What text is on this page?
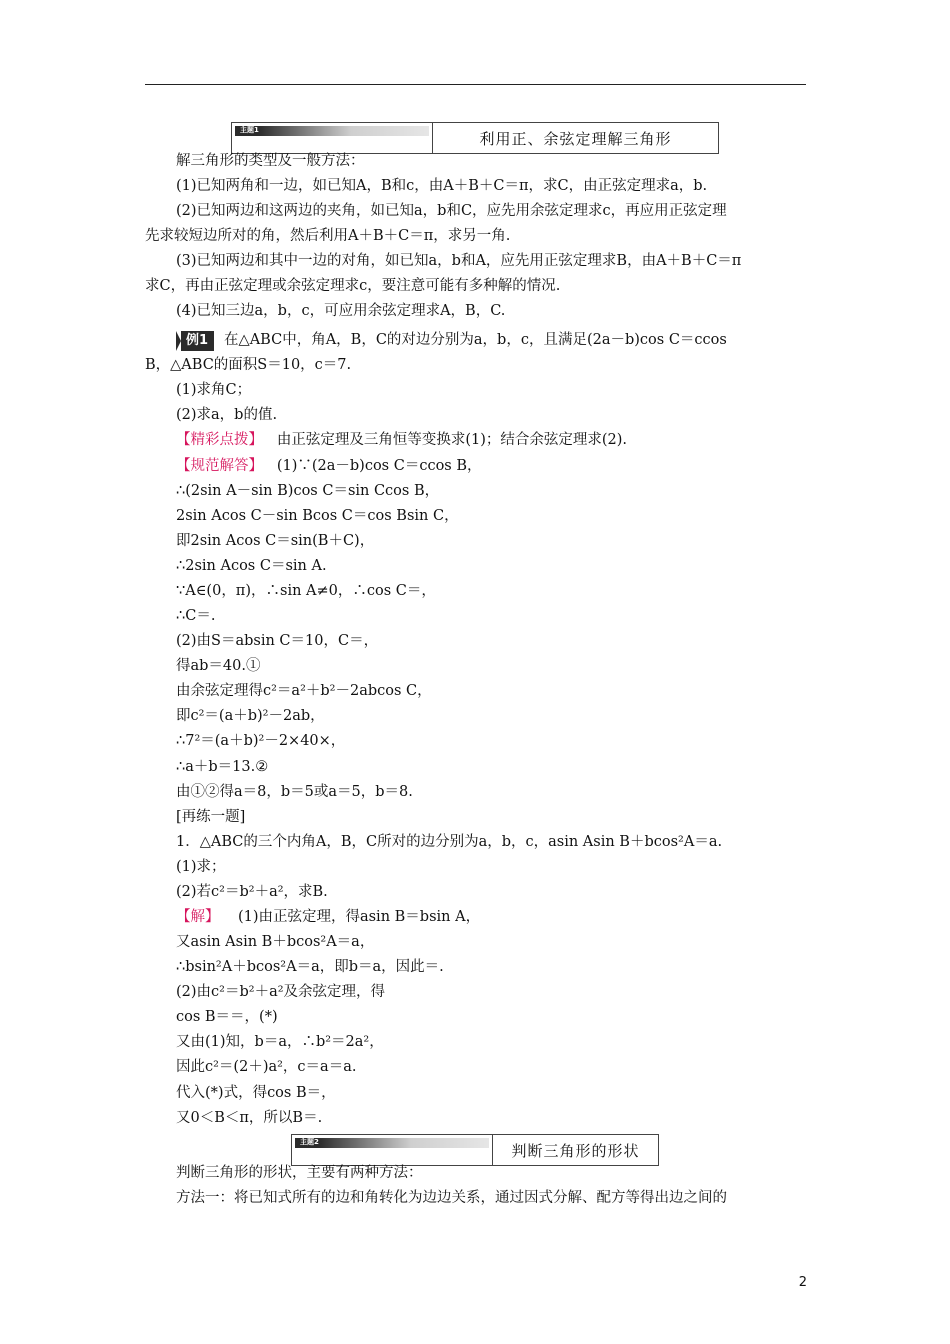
主题1	利用正、余弦定理解三角形
解三角形的类型及一般方法：
(1)已知两角和一边，如已知A，B和c，由A＋B＋C＝π，求C，由正弦定理求a，b.
(2)已知两边和这两边的夹角，如已知a，b和C，应先用余弦定理求c，再应用正弦定理
先求较短边所对的角，然后利用A＋B＋C＝π，求另一角.
(3)已知两边和其中一边的对角，如已知a，b和A，应先用正弦定理求B，由A＋B＋C＝π
求C，再由正弦定理或余弦定理求c，要注意可能有多种解的情况.
(4)已知三边a，b，c，可应用余弦定理求A，B，C.
例1 在△ABC中，角A，B，C的对边分别为a，b，c，且满足(2a－b)cos C＝ccos
B，△ABC的面积S＝10，c＝7.
(1)求角C；
(2)求a，b的值.
【精彩点拨】 由正弦定理及三角恒等变换求(1)；结合余弦定理求(2).
【规范解答】 (1)∵(2a－b)cos C＝ccos B，
∴(2sin A－sin B)cos C＝sin Ccos B，
2sin Acos C－sin Bcos C＝cos Bsin C，
即2sin Acos C＝sin(B＋C)，
∴2sin Acos C＝sin A.
∵A∈(0，π)，∴sin A≠0，∴cos C＝，
∴C＝.
(2)由S＝absin C＝10，C＝，
得ab＝40.①
由余弦定理得c²＝a²＋b²－2abcos C，
即c²＝(a＋b)²－2ab，
∴7²＝(a＋b)²－2×40×，
∴a＋b＝13.②
由①②得a＝8，b＝5或a＝5，b＝8.
[再练一题]
1．△ABC的三个内角A，B，C所对的边分别为a，b，c，asin Asin B＋bcos²A＝a.
(1)求；
(2)若c²＝b²＋a²，求B.
【解】 (1)由正弦定理，得asin B＝bsin A，
又asin Asin B＋bcos²A＝a，
∴bsin²A＋bcos²A＝a，即b＝a，因此＝.
(2)由c²＝b²＋a²及余弦定理，得
cos B＝＝，(*)
又由(1)知，b＝a，∴b²＝2a²，
因此c²＝(2＋)a²，c＝a＝a.
代入(*)式，得cos B＝，
又0＜B＜π，所以B＝.
主题2	判断三角形的形状
判断三角形的形状，主要有两种方法：
方法一：将已知式所有的边和角转化为边边关系，通过因式分解、配方等得出边之间的
2
